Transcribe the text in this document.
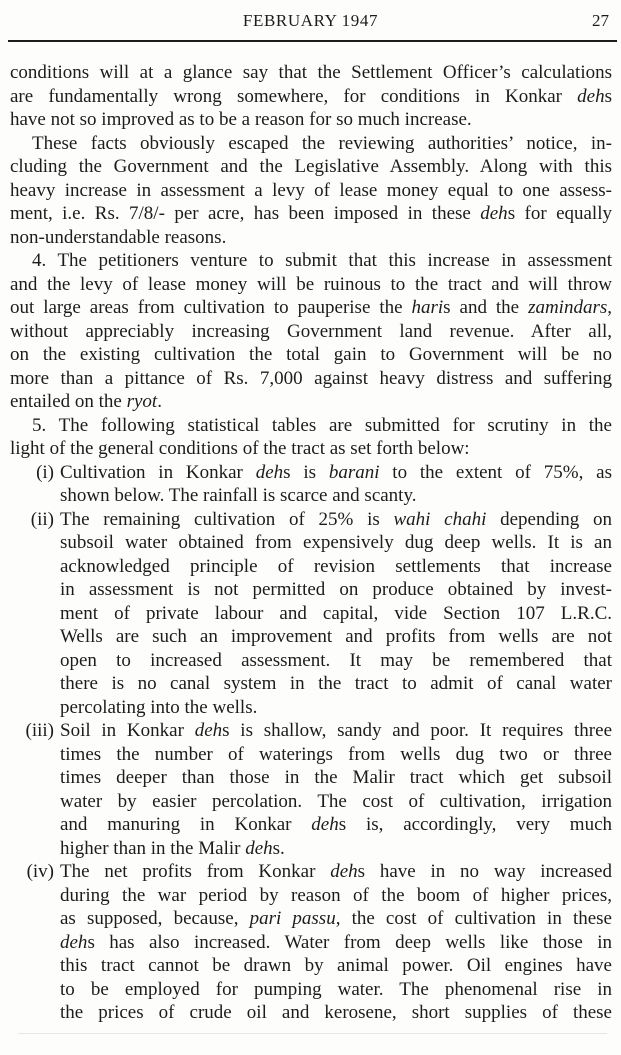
FEBRUARY 1947	27
conditions will at a glance say that the Settlement Officer’s calculations
are fundamentally wrong somewhere, for conditions in Konkar dehs
have not so improved as to be a reason for so much increase.
These facts obviously escaped the reviewing authorities’ notice, in-
cluding the Government and the Legislative Assembly. Along with this
heavy increase in assessment a levy of lease money equal to one assess-
ment, i.e. Rs. 7/8/- per acre, has been imposed in these dehs for equally
non-understandable reasons.
4. The petitioners venture to submit that this increase in assessment
and the levy of lease money will be ruinous to the tract and will throw
out large areas from cultivation to pauperise the haris and the zamindars,
without appreciably increasing Government land revenue. After all,
on the existing cultivation the total gain to Government will be no
more than a pittance of Rs. 7,000 against heavy distress and suffering
entailed on the ryot.
5. The following statistical tables are submitted for scrutiny in the
light of the general conditions of the tract as set forth below:
(i) Cultivation in Konkar dehs is barani to the extent of 75%, as
shown below. The rainfall is scarce and scanty.
(ii) The remaining cultivation of 25% is wahi chahi depending on
subsoil water obtained from expensively dug deep wells. It is an
acknowledged principle of revision settlements that increase
in assessment is not permitted on produce obtained by invest-
ment of private labour and capital, vide Section 107 L.R.C.
Wells are such an improvement and profits from wells are not
open to increased assessment. It may be remembered that
there is no canal system in the tract to admit of canal water
percolating into the wells.
(iii) Soil in Konkar dehs is shallow, sandy and poor. It requires three
times the number of waterings from wells dug two or three
times deeper than those in the Malir tract which get subsoil
water by easier percolation. The cost of cultivation, irrigation
and manuring in Konkar dehs is, accordingly, very much
higher than in the Malir dehs.
(iv) The net profits from Konkar dehs have in no way increased
during the war period by reason of the boom of higher prices,
as supposed, because, pari passu, the cost of cultivation in these
dehs has also increased. Water from deep wells like those in
this tract cannot be drawn by animal power. Oil engines have
to be employed for pumping water. The phenomenal rise in
the prices of crude oil and kerosene, short supplies of these
